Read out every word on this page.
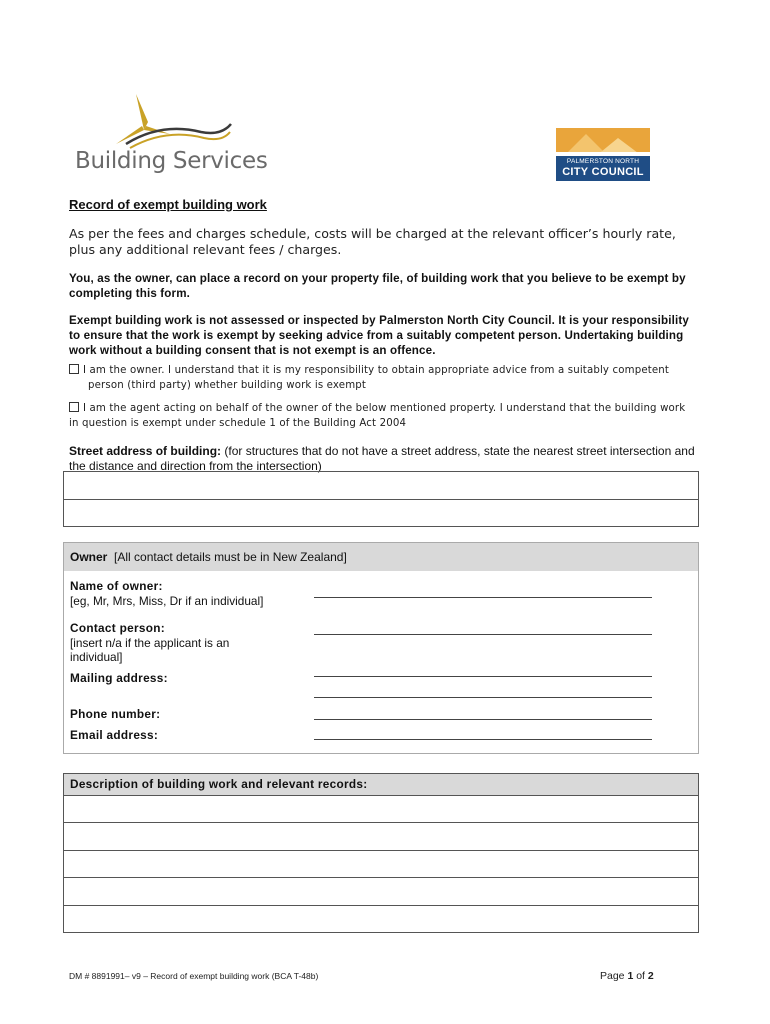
Building Services	PALMERSTON NORTH
CITY COUNCIL
Record of exempt building work
As per the fees and charges schedule, costs will be charged at the relevant officer’s hourly rate, plus any additional relevant fees / charges.
You, as the owner, can place a record on your property file, of building work that you believe to be exempt by completing this form.
Exempt building work is not assessed or inspected by Palmerston North City Council. It is your responsibility to ensure that the work is exempt by seeking advice from a suitably competent person. Undertaking building work without a building consent that is not exempt is an offence.
I am the owner. I understand that it is my responsibility to obtain appropriate advice from a suitably competent
person (third party) whether building work is exempt
I am the agent acting on behalf of the owner of the below mentioned property. I understand that the building work
in question is exempt under schedule 1 of the Building Act 2004
Street address of building: (for structures that do not have a street address, state the nearest street intersection and the distance and direction from the intersection)
Owner [All contact details must be in New Zealand]
Name of owner:
[eg, Mr, Mrs, Miss, Dr if an individual]
Contact person:
[insert n/a if the applicant is an
individual]
Mailing address:
Phone number:
Email address:
Description of building work and relevant records:
DM # 8891991– v9 – Record of exempt building work (BCA T-48b)	Page 1 of 2
